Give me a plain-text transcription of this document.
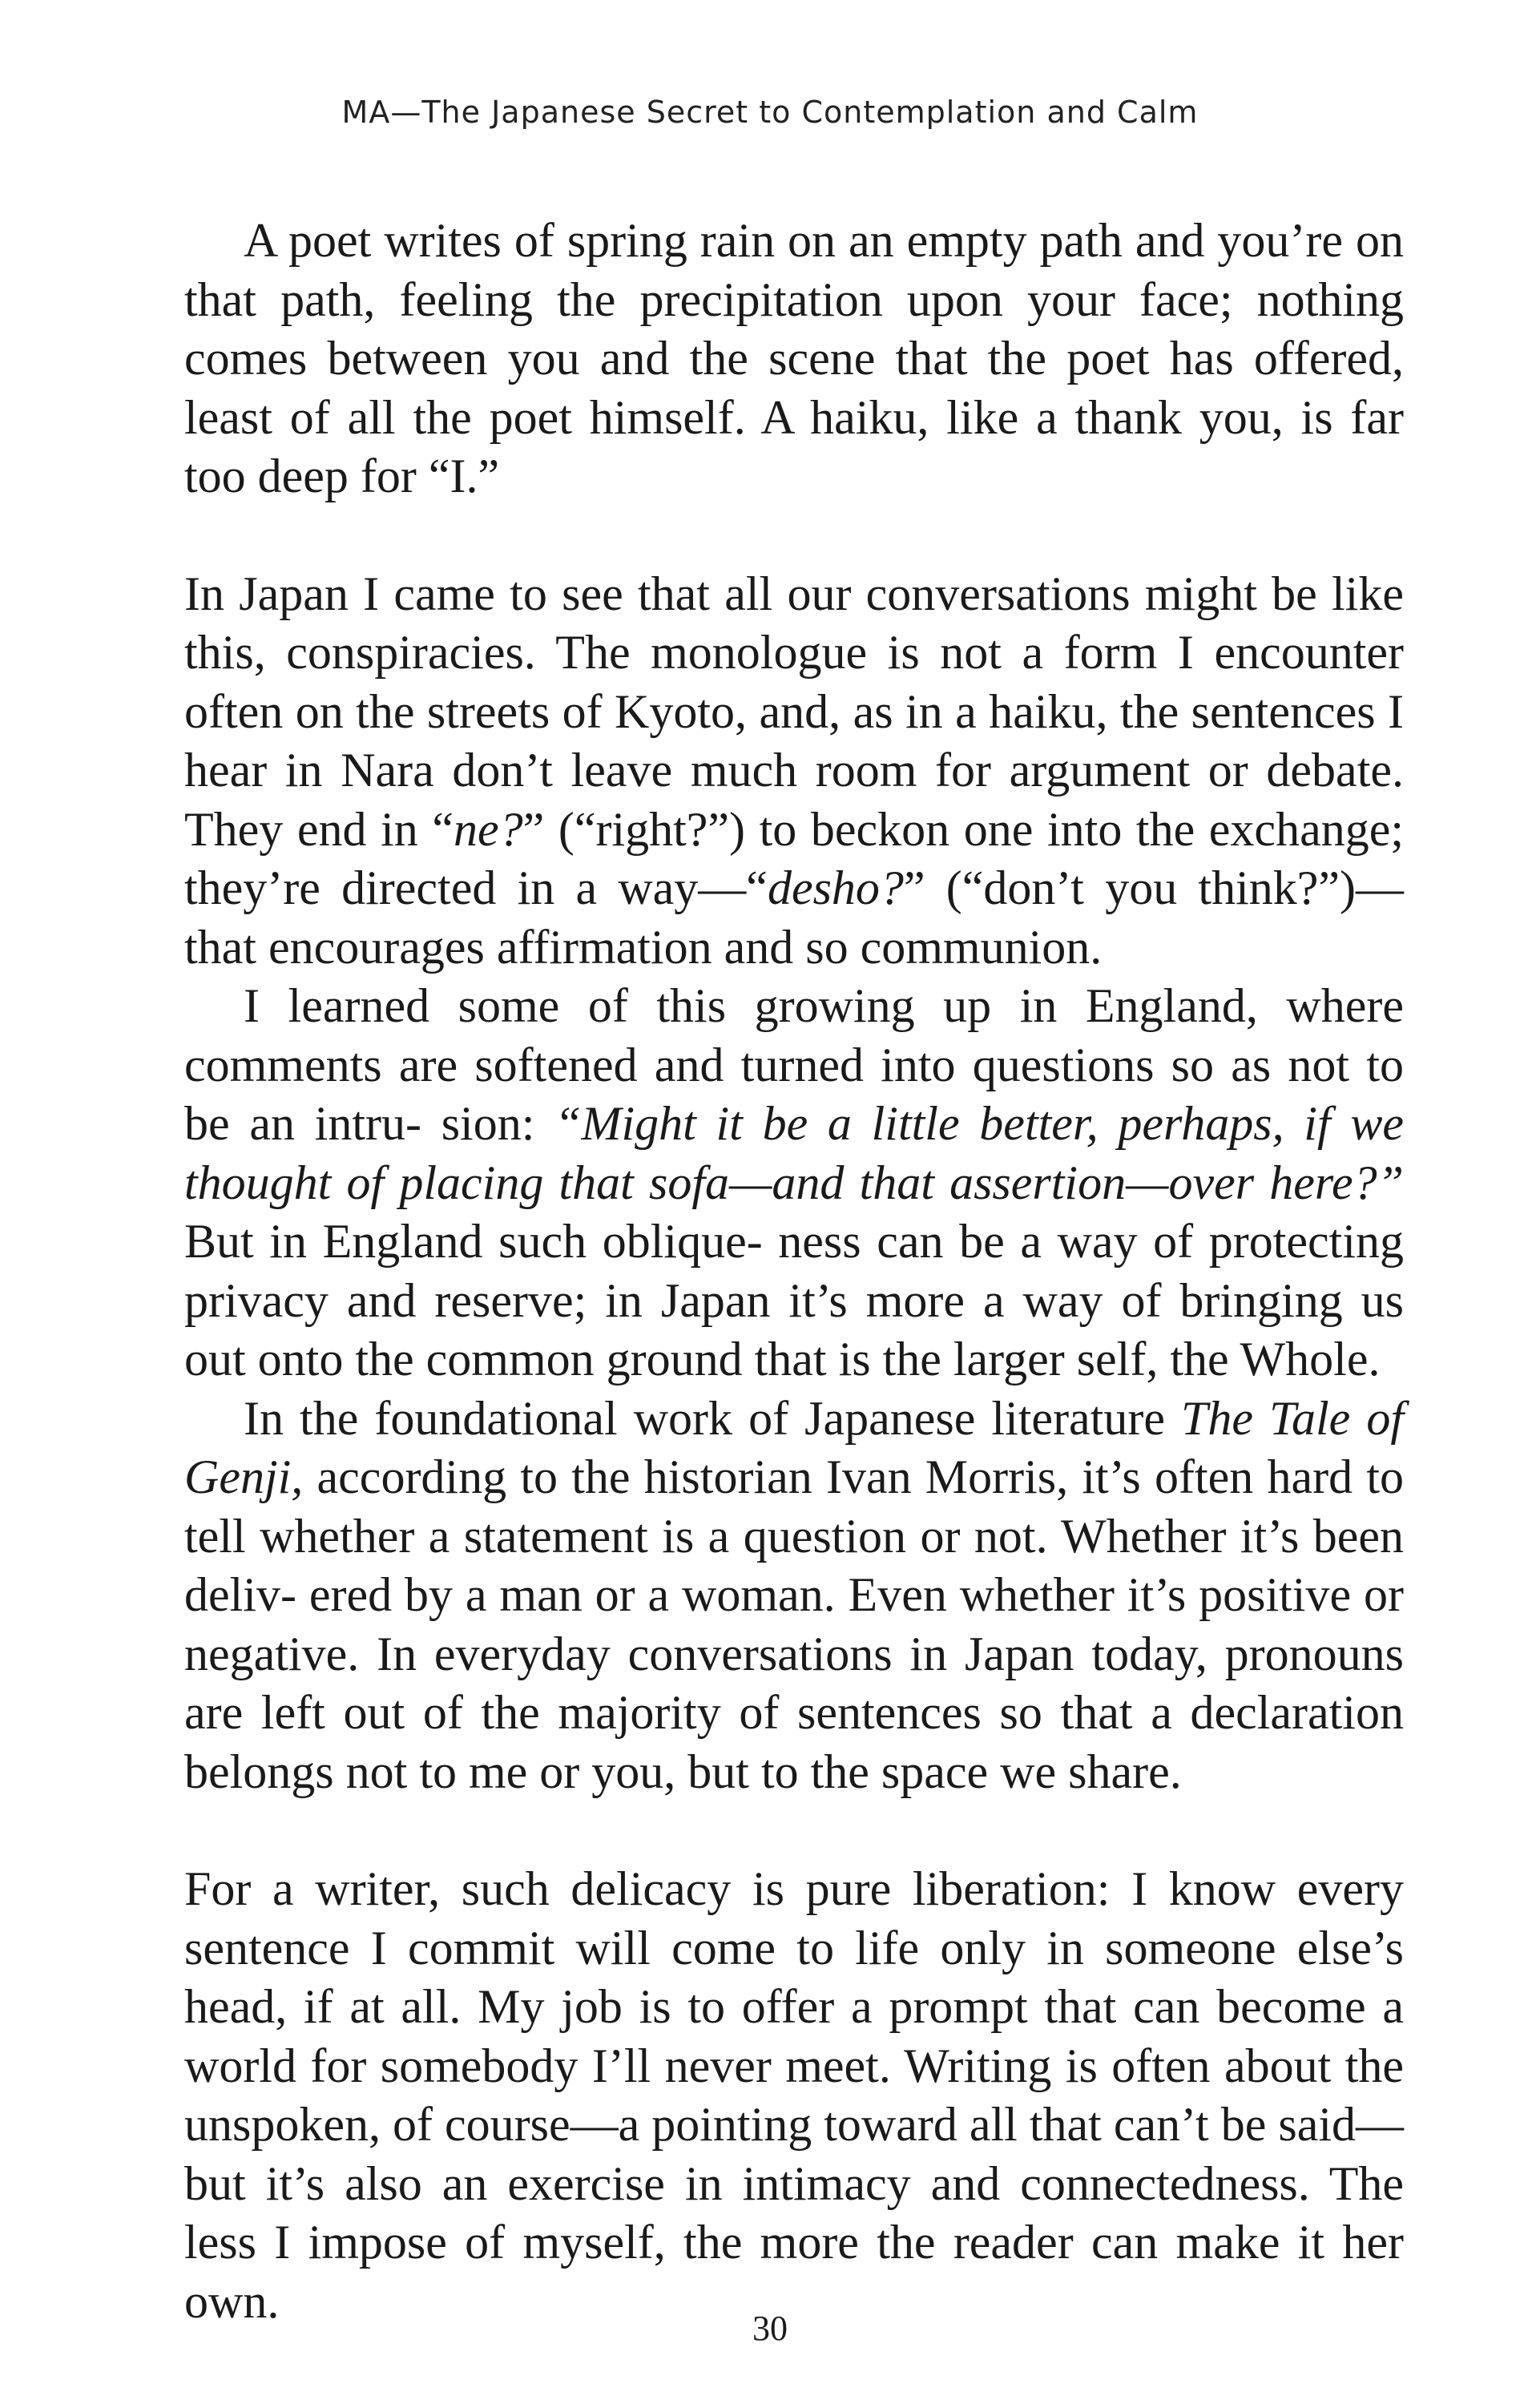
MA—The Japanese Secret to Contemplation and Calm

A poet writes of spring rain on an empty path and you’re on that path, feeling the precipitation upon your face; nothing comes between you and the scene that the poet has offered, least of all the poet himself. A haiku, like a thank you, is far too deep for “I.”

In Japan I came to see that all our conversations might be like this, conspiracies. The monologue is not a form I encounter often on the streets of Kyoto, and, as in a haiku, the sentences I hear in Nara don’t leave much room for argument or debate. They end in “ne?” (“right?”) to beckon one into the exchange; they’re directed in a way—“desho?” (“don’t you think?”)—that encourages affirmation and so communion.

I learned some of this growing up in England, where comments are softened and turned into questions so as not to be an intru- sion: “Might it be a little better, perhaps, if we thought of placing that sofa—and that assertion—over here?” But in England such oblique- ness can be a way of protecting privacy and reserve; in Japan it’s more a way of bringing us out onto the common ground that is the larger self, the Whole.

In the foundational work of Japanese literature The Tale of Genji, according to the historian Ivan Morris, it’s often hard to tell whether a statement is a question or not. Whether it’s been deliv- ered by a man or a woman. Even whether it’s positive or negative. In everyday conversations in Japan today, pronouns are left out of the majority of sentences so that a declaration belongs not to me or you, but to the space we share.

For a writer, such delicacy is pure liberation: I know every sentence I commit will come to life only in someone else’s head, if at all. My job is to offer a prompt that can become a world for somebody I’ll never meet. Writing is often about the unspoken, of course—a pointing toward all that can’t be said—but it’s also an exercise in intimacy and connectedness. The less I impose of myself, the more the reader can make it her own.

30
